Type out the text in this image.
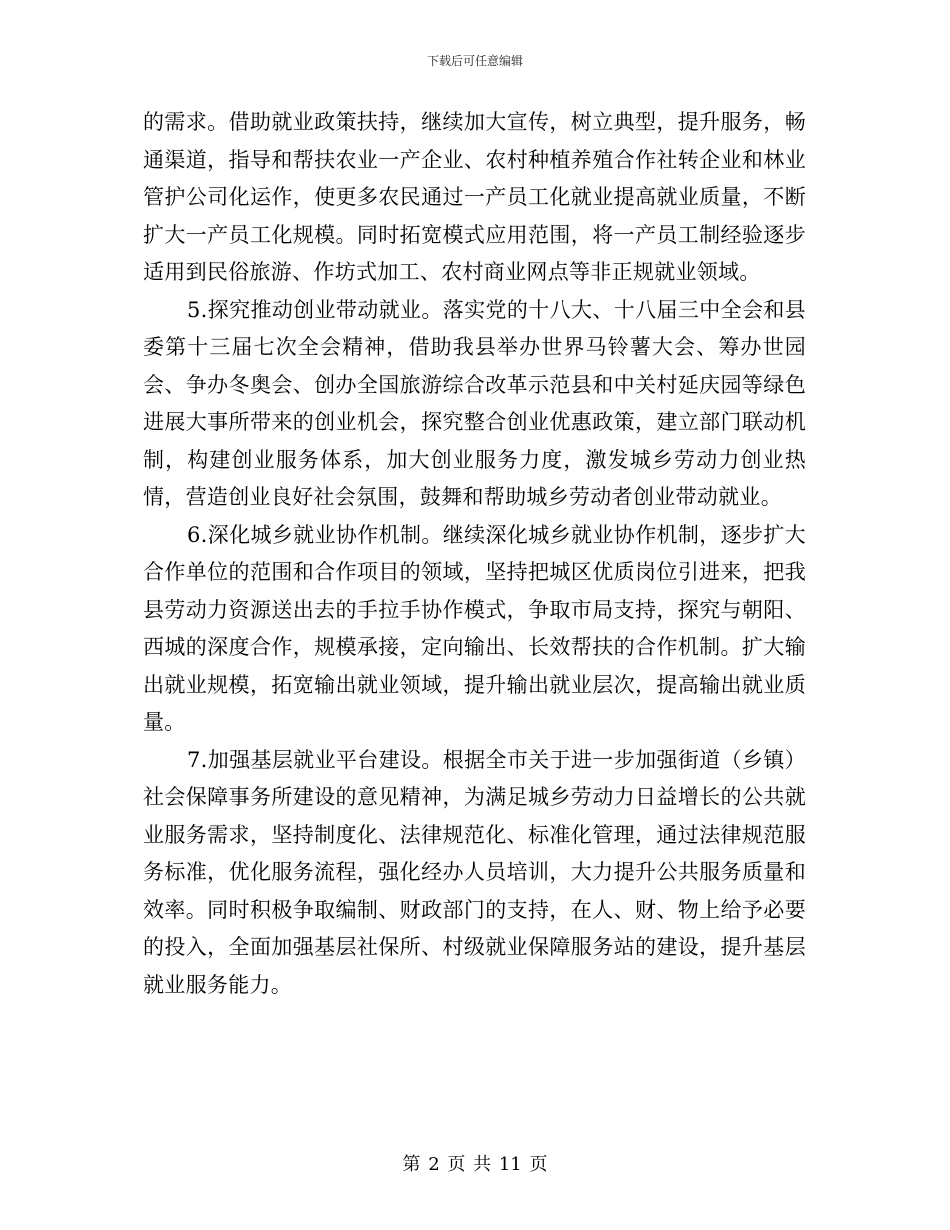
下载后可任意编辑

的需求。借助就业政策扶持，继续加大宣传，树立典型，提升服务，畅通渠道，指导和帮扶农业一产企业、农村种植养殖合作社转企业和林业管护公司化运作，使更多农民通过一产员工化就业提高就业质量，不断扩大一产员工化规模。同时拓宽模式应用范围，将一产员工制经验逐步适用到民俗旅游、作坊式加工、农村商业网点等非正规就业领域。

5.探究推动创业带动就业。落实党的十八大、十八届三中全会和县委第十三届七次全会精神，借助我县举办世界马铃薯大会、筹办世园会、争办冬奥会、创办全国旅游综合改革示范县和中关村延庆园等绿色进展大事所带来的创业机会，探究整合创业优惠政策，建立部门联动机制，构建创业服务体系，加大创业服务力度，激发城乡劳动力创业热情，营造创业良好社会氛围，鼓舞和帮助城乡劳动者创业带动就业。

6.深化城乡就业协作机制。继续深化城乡就业协作机制，逐步扩大合作单位的范围和合作项目的领域，坚持把城区优质岗位引进来，把我县劳动力资源送出去的手拉手协作模式，争取市局支持，探究与朝阳、西城的深度合作，规模承接，定向输出、长效帮扶的合作机制。扩大输出就业规模，拓宽输出就业领域，提升输出就业层次，提高输出就业质量。

7.加强基层就业平台建设。根据全市关于进一步加强街道（乡镇）社会保障事务所建设的意见精神，为满足城乡劳动力日益增长的公共就业服务需求，坚持制度化、法律规范化、标准化管理，通过法律规范服务标准，优化服务流程，强化经办人员培训，大力提升公共服务质量和效率。同时积极争取编制、财政部门的支持，在人、财、物上给予必要的投入，全面加强基层社保所、村级就业保障服务站的建设，提升基层就业服务能力。

第 2 页 共 11 页
